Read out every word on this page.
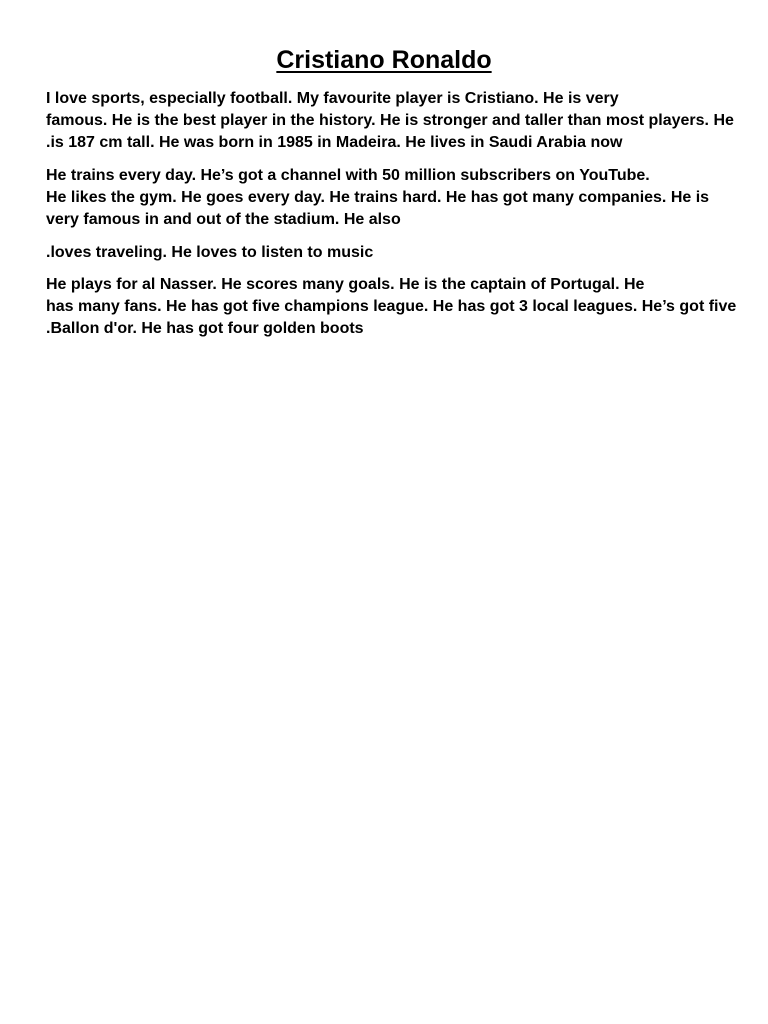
Cristiano Ronaldo
I love sports, especially football. My favourite player is Cristiano. He is very
famous. He is the best player in the history. He is stronger and taller than most players. He
.is 187 cm tall. He was born in 1985 in Madeira. He lives in Saudi Arabia now
He trains every day. He’s got a channel with 50 million subscribers on YouTube.
He likes the gym. He goes every day. He trains hard. He has got many companies. He is
very famous in and out of the stadium. He also
.loves traveling. He loves to listen to music
He plays for al Nasser. He scores many goals. He is the captain of Portugal. He
has many fans. He has got five champions league. He has got 3 local leagues. He’s got five
.Ballon d'or. He has got four golden boots
